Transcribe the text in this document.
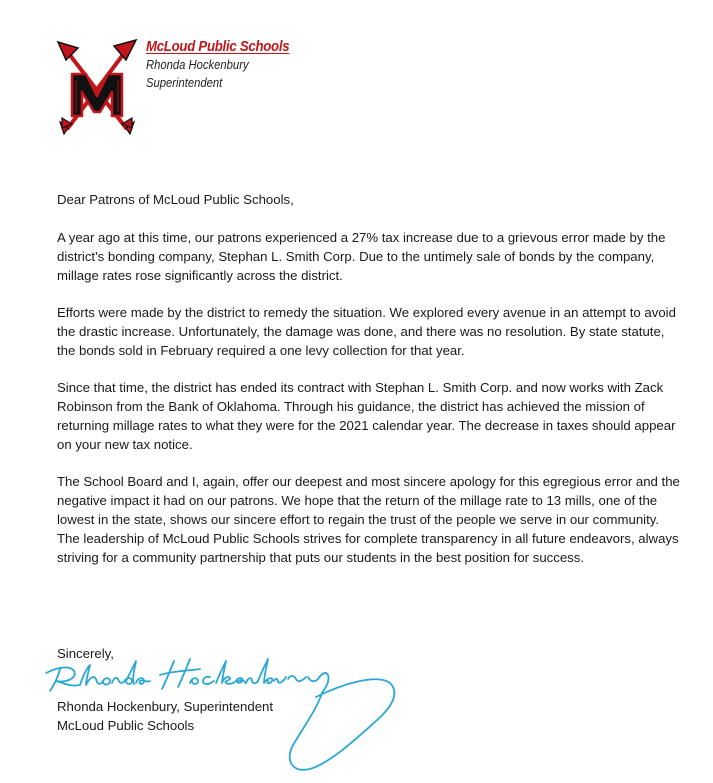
McLoud Public Schools
Rhonda Hockenbury
Superintendent

Dear Patrons of McLoud Public Schools,

A year ago at this time, our patrons experienced a 27% tax increase due to a grievous error made by the district's bonding company, Stephan L. Smith Corp. Due to the untimely sale of bonds by the company, millage rates rose significantly across the district.

Efforts were made by the district to remedy the situation. We explored every avenue in an attempt to avoid the drastic increase. Unfortunately, the damage was done, and there was no resolution. By state statute, the bonds sold in February required a one levy collection for that year.

Since that time, the district has ended its contract with Stephan L. Smith Corp. and now works with Zack Robinson from the Bank of Oklahoma. Through his guidance, the district has achieved the mission of returning millage rates to what they were for the 2021 calendar year. The decrease in taxes should appear on your new tax notice.

The School Board and I, again, offer our deepest and most sincere apology for this egregious error and the negative impact it had on our patrons. We hope that the return of the millage rate to 13 mills, one of the lowest in the state, shows our sincere effort to regain the trust of the people we serve in our community. The leadership of McLoud Public Schools strives for complete transparency in all future endeavors, always striving for a community partnership that puts our students in the best position for success.

Sincerely,
Rhonda Hockenbury, Superintendent
McLoud Public Schools
